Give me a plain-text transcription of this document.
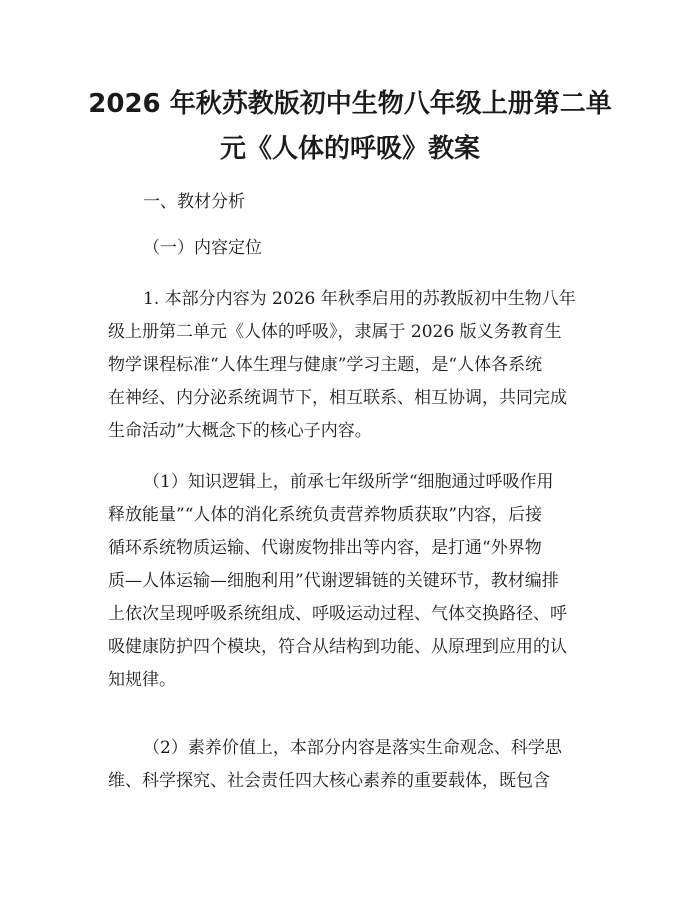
2026 年秋苏教版初中生物八年级上册第二单
元《人体的呼吸》教案

一、教材分析

（一）内容定位

1. 本部分内容为 2026 年秋季启用的苏教版初中生物八年
级上册第二单元《人体的呼吸》，隶属于 2026 版义务教育生
物学课程标准“人体生理与健康”学习主题，是“人体各系统
在神经、内分泌系统调节下，相互联系、相互协调，共同完成
生命活动”大概念下的核心子内容。
（1）知识逻辑上，前承七年级所学“细胞通过呼吸作用
释放能量”“人体的消化系统负责营养物质获取”内容，后接
循环系统物质运输、代谢废物排出等内容，是打通“外界物
质—人体运输—细胞利用”代谢逻辑链的关键环节，教材编排
上依次呈现呼吸系统组成、呼吸运动过程、气体交换路径、呼
吸健康防护四个模块，符合从结构到功能、从原理到应用的认
知规律。
（2）素养价值上，本部分内容是落实生命观念、科学思
维、科学探究、社会责任四大核心素养的重要载体，既包含
